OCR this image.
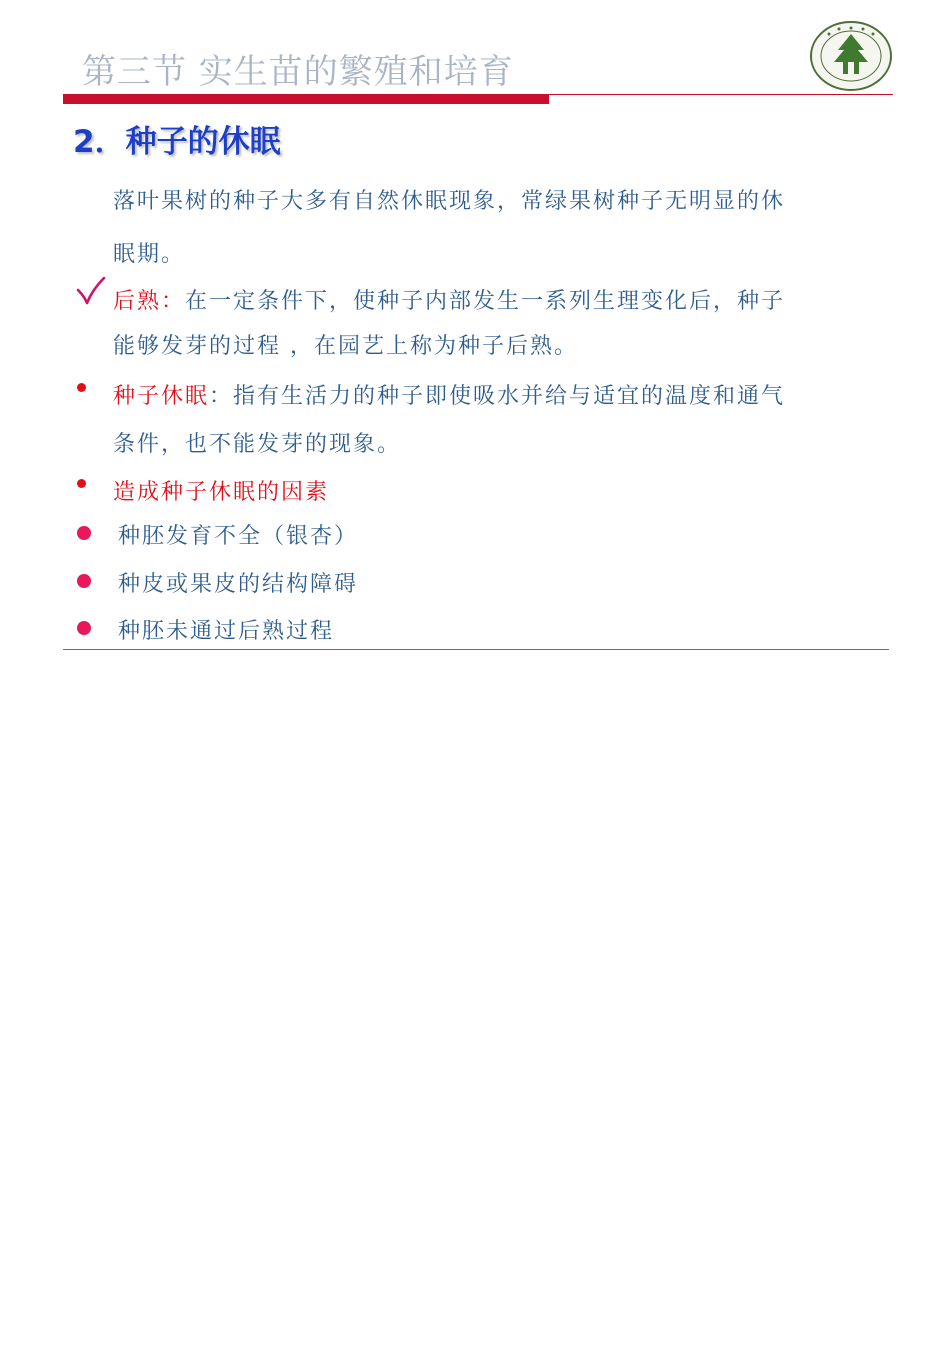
第三节 实生苗的繁殖和培育
2．种子的休眠
落叶果树的种子大多有自然休眠现象，常绿果树种子无明显的休
眠期。
后熟：在一定条件下，使种子内部发生一系列生理变化后，种子
能够发芽的过程 ，在园艺上称为种子后熟。
种子休眠：指有生活力的种子即使吸水并给与适宜的温度和通气
条件，也不能发芽的现象。
造成种子休眠的因素
种胚发育不全（银杏）
种皮或果皮的结构障碍
种胚未通过后熟过程
